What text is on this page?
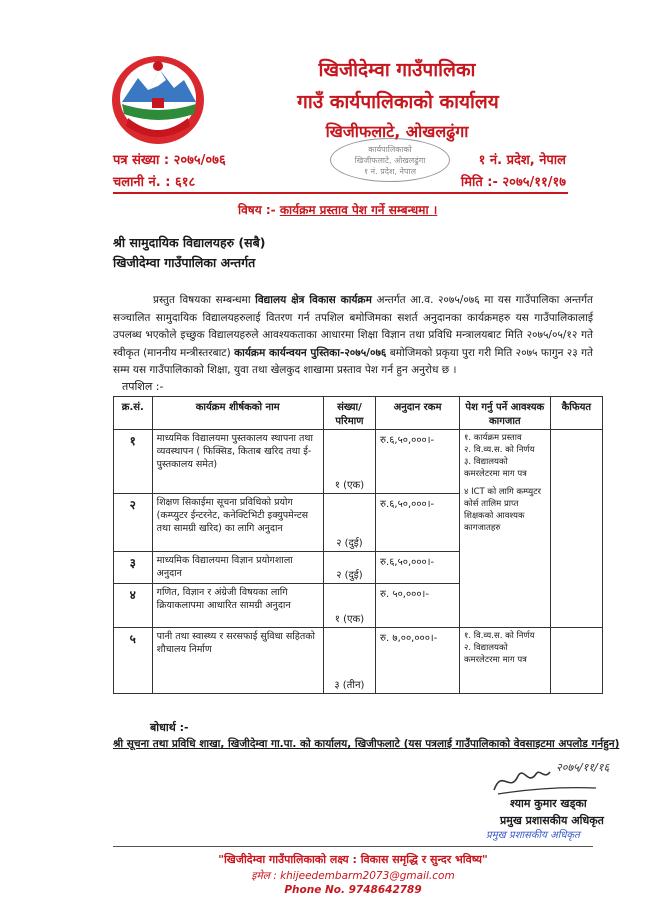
खिजीदेम्वा गाउँपालिका
गाउँ कार्यपालिकाको कार्यालय
खिजीफलाटे, ओखलढुंगा
कार्यपालिकाको
खिजीफलाटे, ओखलढुंगा
१ नं. प्रदेश, नेपाल
पत्र संख्या : २०७५/०७६
चलानी नं. : ६१८
१ नं. प्रदेश, नेपाल
मिति :- २०७५/११/१७
विषय :- कार्यक्रम प्रस्ताव पेश गर्ने सम्बन्धमा ।
श्री सामुदायिक विद्यालयहरु (सबै)
खिजीदेम्वा गाउँपालिका अन्तर्गत
प्रस्तुत विषयका सम्बन्धमा विद्यालय क्षेत्र विकास कार्यक्रम अन्तर्गत आ.व. २०७५/०७६ मा यस गाउँपालिका अन्तर्गत सञ्चालित सामुदायिक विद्यालयहरुलाई वितरण गर्न तपशिल बमोजिमका सशर्त अनुदानका कार्यक्रमहरु यस गाउँपालिकालाई उपलब्ध भएकोले इच्छुक विद्यालयहरुले आवश्यकताका आधारमा शिक्षा विज्ञान तथा प्रविधि मन्त्रालयबाट मिति २०७५/०५/१२ गते स्वीकृत (माननीय मन्त्रीस्तरबाट) कार्यक्रम कार्यन्वयन पुस्तिका-२०७५/०७६ बमोजिमको प्रकृया पुरा गरी मिति २०७५ फागुन २३ गते सम्म यस गाउँपालिकाको शिक्षा, युवा तथा खेलकुद शाखामा प्रस्ताव पेश गर्न हुन अनुरोध छ ।
तपशिल :-
क्र.सं.	कार्यक्रम शीर्षकको नाम	संख्या/ परिमाण	अनुदान रकम	पेश गर्नु पर्ने आवश्यक कागजात	कैफियत
१	माध्यमिक विद्यालयमा पुस्तकालय स्थापना तथा व्यवस्थापन ( फिक्सिड, किताब खरिद तथा ई-पुस्तकालय समेत)	१ (एक)	रु.६,५०,०००।-	१. कार्यक्रम प्रस्ताव
२. वि.व्य.स. को निर्णय
३. विद्यालयको कमरलेटरमा माग पत्र
४ ICT को लागि कम्प्युटर कोर्स तालिम प्राप्त शिक्षकको आवश्यक कागजातहरु	

२	शिक्षण सिकाईमा सूचना प्रविधिको प्रयोग (कम्प्युटर ईन्टरनेट, कनेक्टिभिटी इक्युपमेन्टस तथा सामग्री खरिद) का लागि अनुदान	२ (दुई)	रु.६,५०,०००।-		
३	माध्यमिक विद्यालयमा विज्ञान प्रयोगशाला अनुदान	२ (दुई)	रु.६,५०,०००।-		
४	गणित, विज्ञान र अंग्रेजी विषयका लागि क्रियाकलापमा आधारित सामग्री अनुदान	१ (एक)	रु. ५०,०००।-		
५	पानी तथा स्वास्थ्य र सरसफाई सुविधा सहितको शौचालय निर्माण	३ (तीन)	रु. ७,००,०००।-	१. वि.व्य.स. को निर्णय
२. विद्यालयको कमरलेटरमा माग पत्र	

बोधार्थ :-
श्री सूचना तथा प्रविधि शाखा, खिजीदेम्वा गा.पा. को कार्यालय, खिजीफलाटे (यस पत्रलाई गाउँपालिकाको वेवसाइटमा अपलोड गर्नहुन)
२०७५/११/१६
श्याम कुमार खड्का
प्रमुख प्रशासकीय अधिकृत
प्रमुख प्रशासकीय अधिकृत
"खिजीदेम्वा गाउँपालिकाको लक्ष्य : विकास समृद्धि र सुन्दर भविष्य"
इमेल : khijeedembarm2073@gmail.com
Phone No. 9748642789
